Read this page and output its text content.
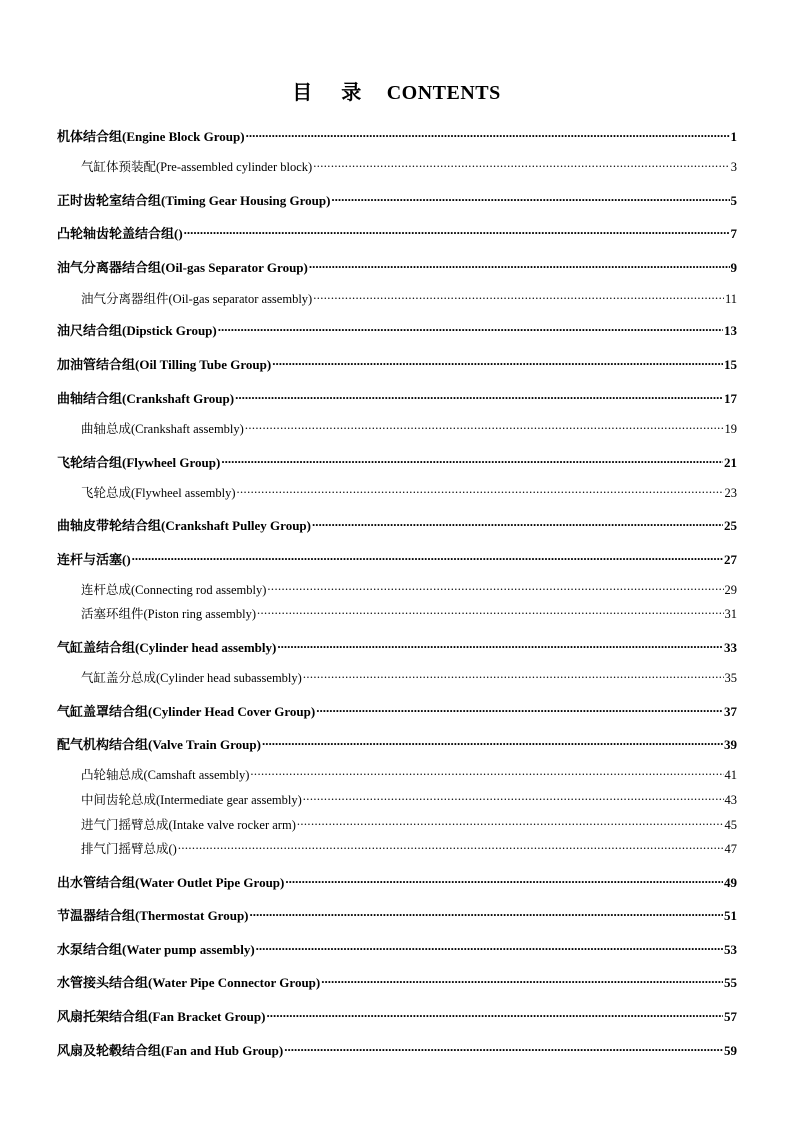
目 录 CONTENTS
机体结合组(Engine Block Group) .....	1
气缸体预装配(Pre-assembled cylinder block) .....	3
正时齿轮室结合组(Timing Gear Housing Group) .....	5
凸轮轴齿轮盖结合组() .....	7
油气分离器结合组(Oil-gas Separator Group) .....	9
油气分离器组件(Oil-gas separator assembly) .....	11
油尺结合组(Dipstick Group) .....	13
加油管结合组(Oil Tilling Tube Group) .....	15
曲轴结合组(Crankshaft Group) .....	17
曲轴总成(Crankshaft assembly) .....	19
飞轮结合组(Flywheel Group) .....	21
飞轮总成(Flywheel assembly) .....	23
曲轴皮带轮结合组(Crankshaft Pulley Group) .....	25
连杆与活塞() .....	27
连杆总成(Connecting rod assembly) .....	29
活塞环组件(Piston ring assembly) .....	31
气缸盖结合组(Cylinder head assembly) .....	33
气缸盖分总成(Cylinder head subassembly) .....	35
气缸盖罩结合组(Cylinder Head Cover Group) .....	37
配气机构结合组(Valve Train Group) .....	39
凸轮轴总成(Camshaft assembly) .....	41
中间齿轮总成(Intermediate gear assembly) .....	43
进气门摇臂总成(Intake valve rocker arm) .....	45
排气门摇臂总成() .....	47
出水管结合组(Water Outlet Pipe Group) .....	49
节温器结合组(Thermostat Group) .....	51
水泵结合组(Water pump assembly) .....	53
水管接头结合组(Water Pipe Connector Group) .....	55
风扇托架结合组(Fan Bracket Group) .....	57
风扇及轮毂结合组(Fan and Hub Group) .....	59
